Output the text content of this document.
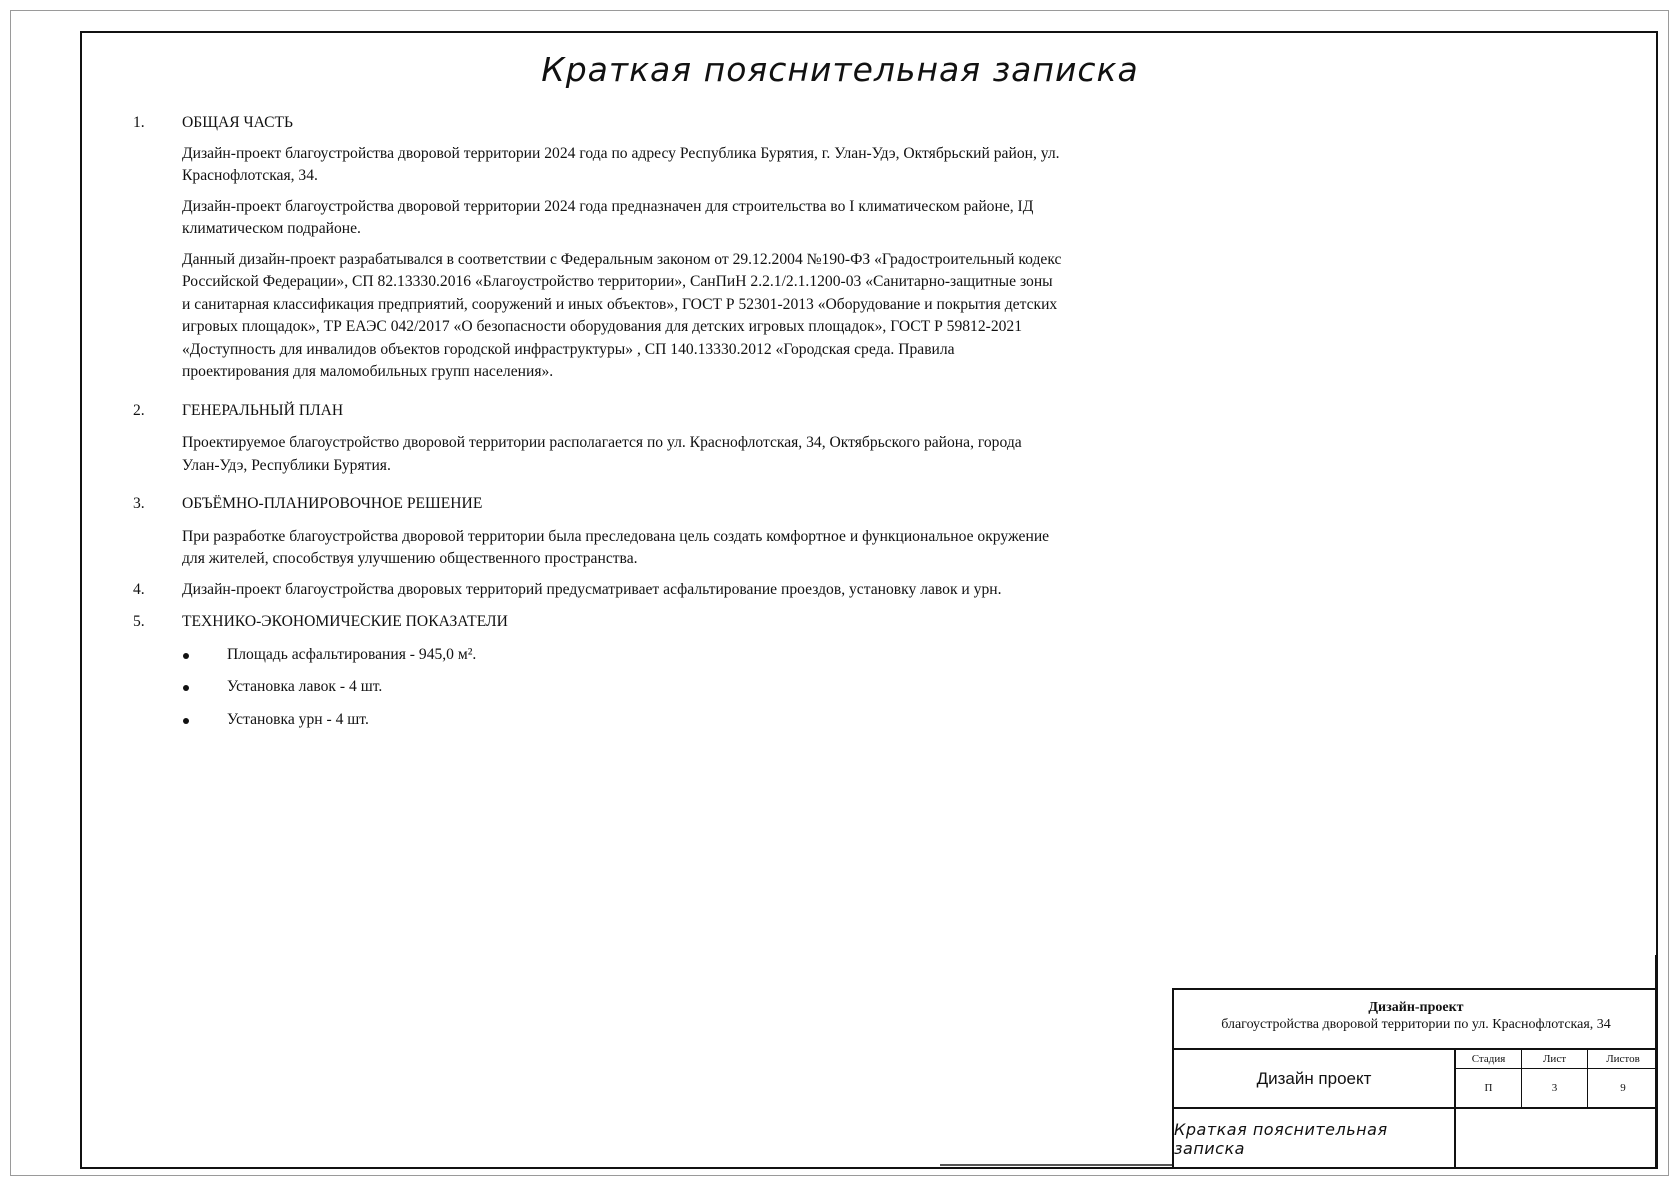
Краткая пояснительная записка
1.	ОБЩАЯ ЧАСТЬ

Дизайн-проект благоустройства дворовой территории 2024 года по адресу Республика Бурятия, г. Улан-Удэ, Октябрьский район, ул. Краснофлотская, 34.

Дизайн-проект благоустройства дворовой территории 2024 года предназначен для строительства во I климатическом районе, IД климатическом подрайоне.

Данный дизайн-проект разрабатывался в соответствии с Федеральным законом от 29.12.2004 №190-ФЗ «Градостроительный кодекс Российской Федерации», СП 82.13330.2016 «Благоустройство территории», СанПиН 2.2.1/2.1.1200-03 «Санитарно-защитные зоны и санитарная классификация предприятий, сооружений и иных объектов», ГОСТ Р 52301-2013 «Оборудование и покрытия детских игровых площадок», ТР ЕАЭС 042/2017 «О безопасности оборудования для детских игровых площадок», ГОСТ Р 59812-2021 «Доступность для инвалидов объектов городской инфраструктуры» , СП 140.13330.2012 «Городская среда. Правила проектирования для маломобильных групп населения».

2.	ГЕНЕРАЛЬНЫЙ ПЛАН

Проектируемое благоустройство дворовой территории располагается по ул. Краснофлотская, 34, Октябрьского района, города Улан-Удэ, Республики Бурятия.

3.	ОБЪЁМНО-ПЛАНИРОВОЧНОЕ РЕШЕНИЕ

При разработке благоустройства дворовой территории была преследована цель создать комфортное и функциональное окружение для жителей, способствуя улучшению общественного пространства.

4.	Дизайн-проект благоустройства дворовых территорий предусматривает асфальтирование проездов, установку лавок и урн.

5.	ТЕХНИКО-ЭКОНОМИЧЕСКИЕ ПОКАЗАТЕЛИ

Площадь асфальтирования - 945,0 м².
Установка лавок - 4 шт.
Установка урн - 4 шт.
Дизайн-проект
благоустройства дворовой территории по ул. Краснофлотская, 34
Дизайн проект
Стадия	Лист	Листов
П	3	9
Краткая пояснительная записка
